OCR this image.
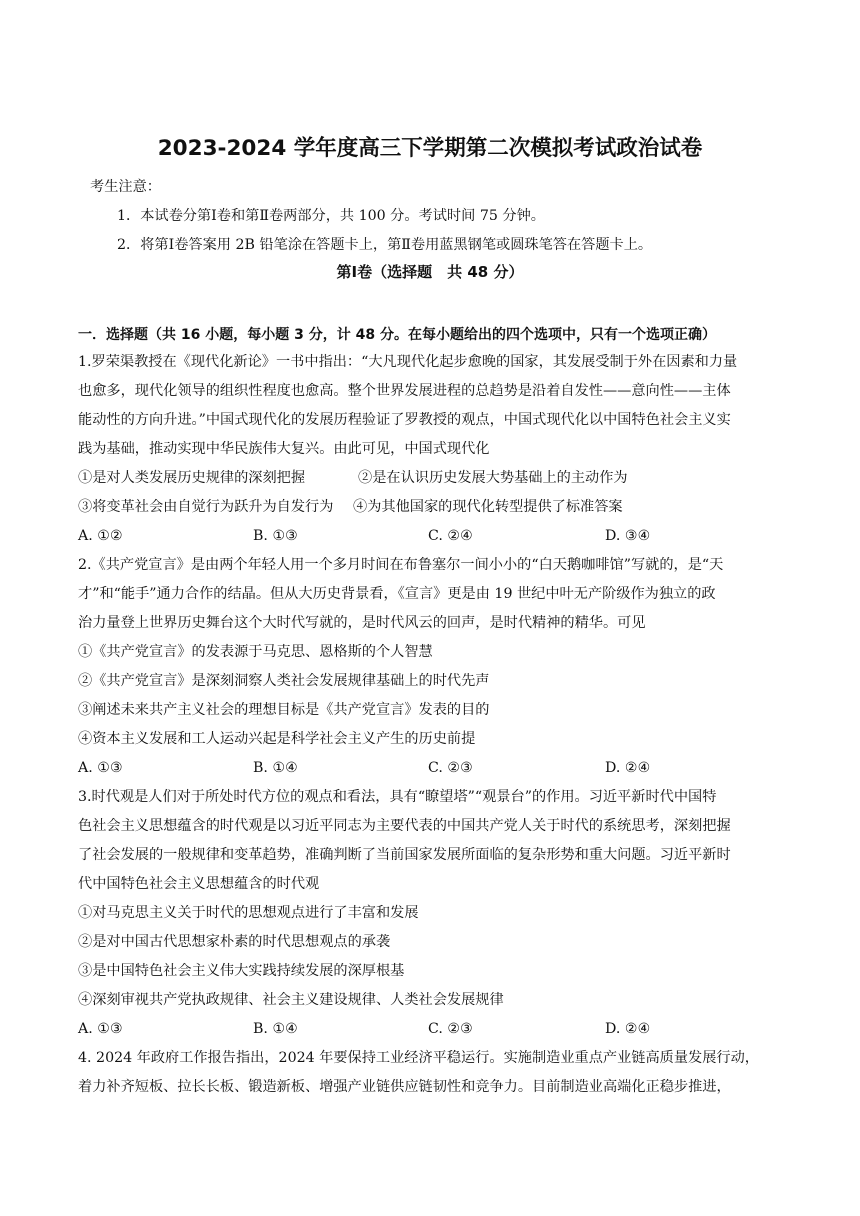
2023-2024 学年度高三下学期第二次模拟考试政治试卷
考生注意：
1．本试卷分第Ⅰ卷和第Ⅱ卷两部分，共 100 分。考试时间 75 分钟。
2．将第Ⅰ卷答案用 2B 铅笔涂在答题卡上，第Ⅱ卷用蓝黑钢笔或圆珠笔答在答题卡上。
第Ⅰ卷（选择题　共 48 分）
一．选择题（共 16 小题，每小题 3 分，计 48 分。在每小题给出的四个选项中，只有一个选项正确）
1.罗荣渠教授在《现代化新论》一书中指出：“大凡现代化起步愈晚的国家，其发展受制于外在因素和力量
也愈多，现代化领导的组织性程度也愈高。整个世界发展进程的总趋势是沿着自发性——意向性——主体
能动性的方向升进。”中国式现代化的发展历程验证了罗教授的观点，中国式现代化以中国特色社会主义实
践为基础，推动实现中华民族伟大复兴。由此可见，中国式现代化
①是对人类发展历史规律的深刻把握	②是在认识历史发展大势基础上的主动作为
③将变革社会由自觉行为跃升为自发行为 ④为其他国家的现代化转型提供了标准答案
A. ①②	B. ①③	C. ②④	D. ③④
2.《共产党宣言》是由两个年轻人用一个多月时间在布鲁塞尔一间小小的“白天鹅咖啡馆”写就的，是“天
才”和“能手”通力合作的结晶。但从大历史背景看，《宣言》更是由 19 世纪中叶无产阶级作为独立的政
治力量登上世界历史舞台这个大时代写就的，是时代风云的回声，是时代精神的精华。可见
①《共产党宣言》的发表源于马克思、恩格斯的个人智慧
②《共产党宣言》是深刻洞察人类社会发展规律基础上的时代先声
③阐述未来共产主义社会的理想目标是《共产党宣言》发表的目的
④资本主义发展和工人运动兴起是科学社会主义产生的历史前提
A. ①③	B. ①④	C. ②③	D. ②④
3.时代观是人们对于所处时代方位的观点和看法，具有“瞭望塔”“观景台”的作用。习近平新时代中国特
色社会主义思想蕴含的时代观是以习近平同志为主要代表的中国共产党人关于时代的系统思考，深刻把握
了社会发展的一般规律和变革趋势，准确判断了当前国家发展所面临的复杂形势和重大问题。习近平新时
代中国特色社会主义思想蕴含的时代观
①对马克思主义关于时代的思想观点进行了丰富和发展
②是对中国古代思想家朴素的时代思想观点的承袭
③是中国特色社会主义伟大实践持续发展的深厚根基
④深刻审视共产党执政规律、社会主义建设规律、人类社会发展规律
A. ①③	B. ①④	C. ②③	D. ②④
4. 2024 年政府工作报告指出，2024 年要保持工业经济平稳运行。实施制造业重点产业链高质量发展行动，
着力补齐短板、拉长长板、锻造新板、增强产业链供应链韧性和竞争力。目前制造业高端化正稳步推进，
